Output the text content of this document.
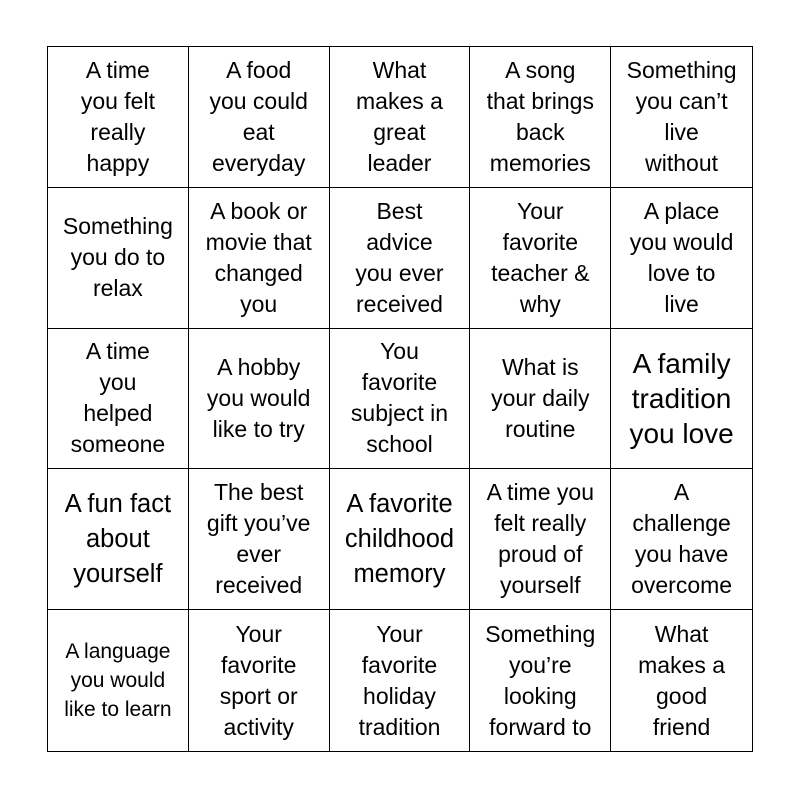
A time
you felt
really
happy
A food
you could
eat
everyday
What
makes a
great
leader
A song
that brings
back
memories
Something
you can’t
live
without
Something
you do to
relax
A book or
movie that
changed
you
Best
advice
you ever
received
Your
favorite
teacher &
why
A place
you would
love to
live
A time
you
helped
someone
A hobby
you would
like to try
You
favorite
subject in
school
What is
your daily
routine
A family
tradition
you love
A fun fact
about
yourself
The best
gift you’ve
ever
received
A favorite
childhood
memory
A time you
felt really
proud of
yourself
A
challenge
you have
overcome
A language
you would
like to learn
Your
favorite
sport or
activity
Your
favorite
holiday
tradition
Something
you’re
looking
forward to
What
makes a
good
friend
